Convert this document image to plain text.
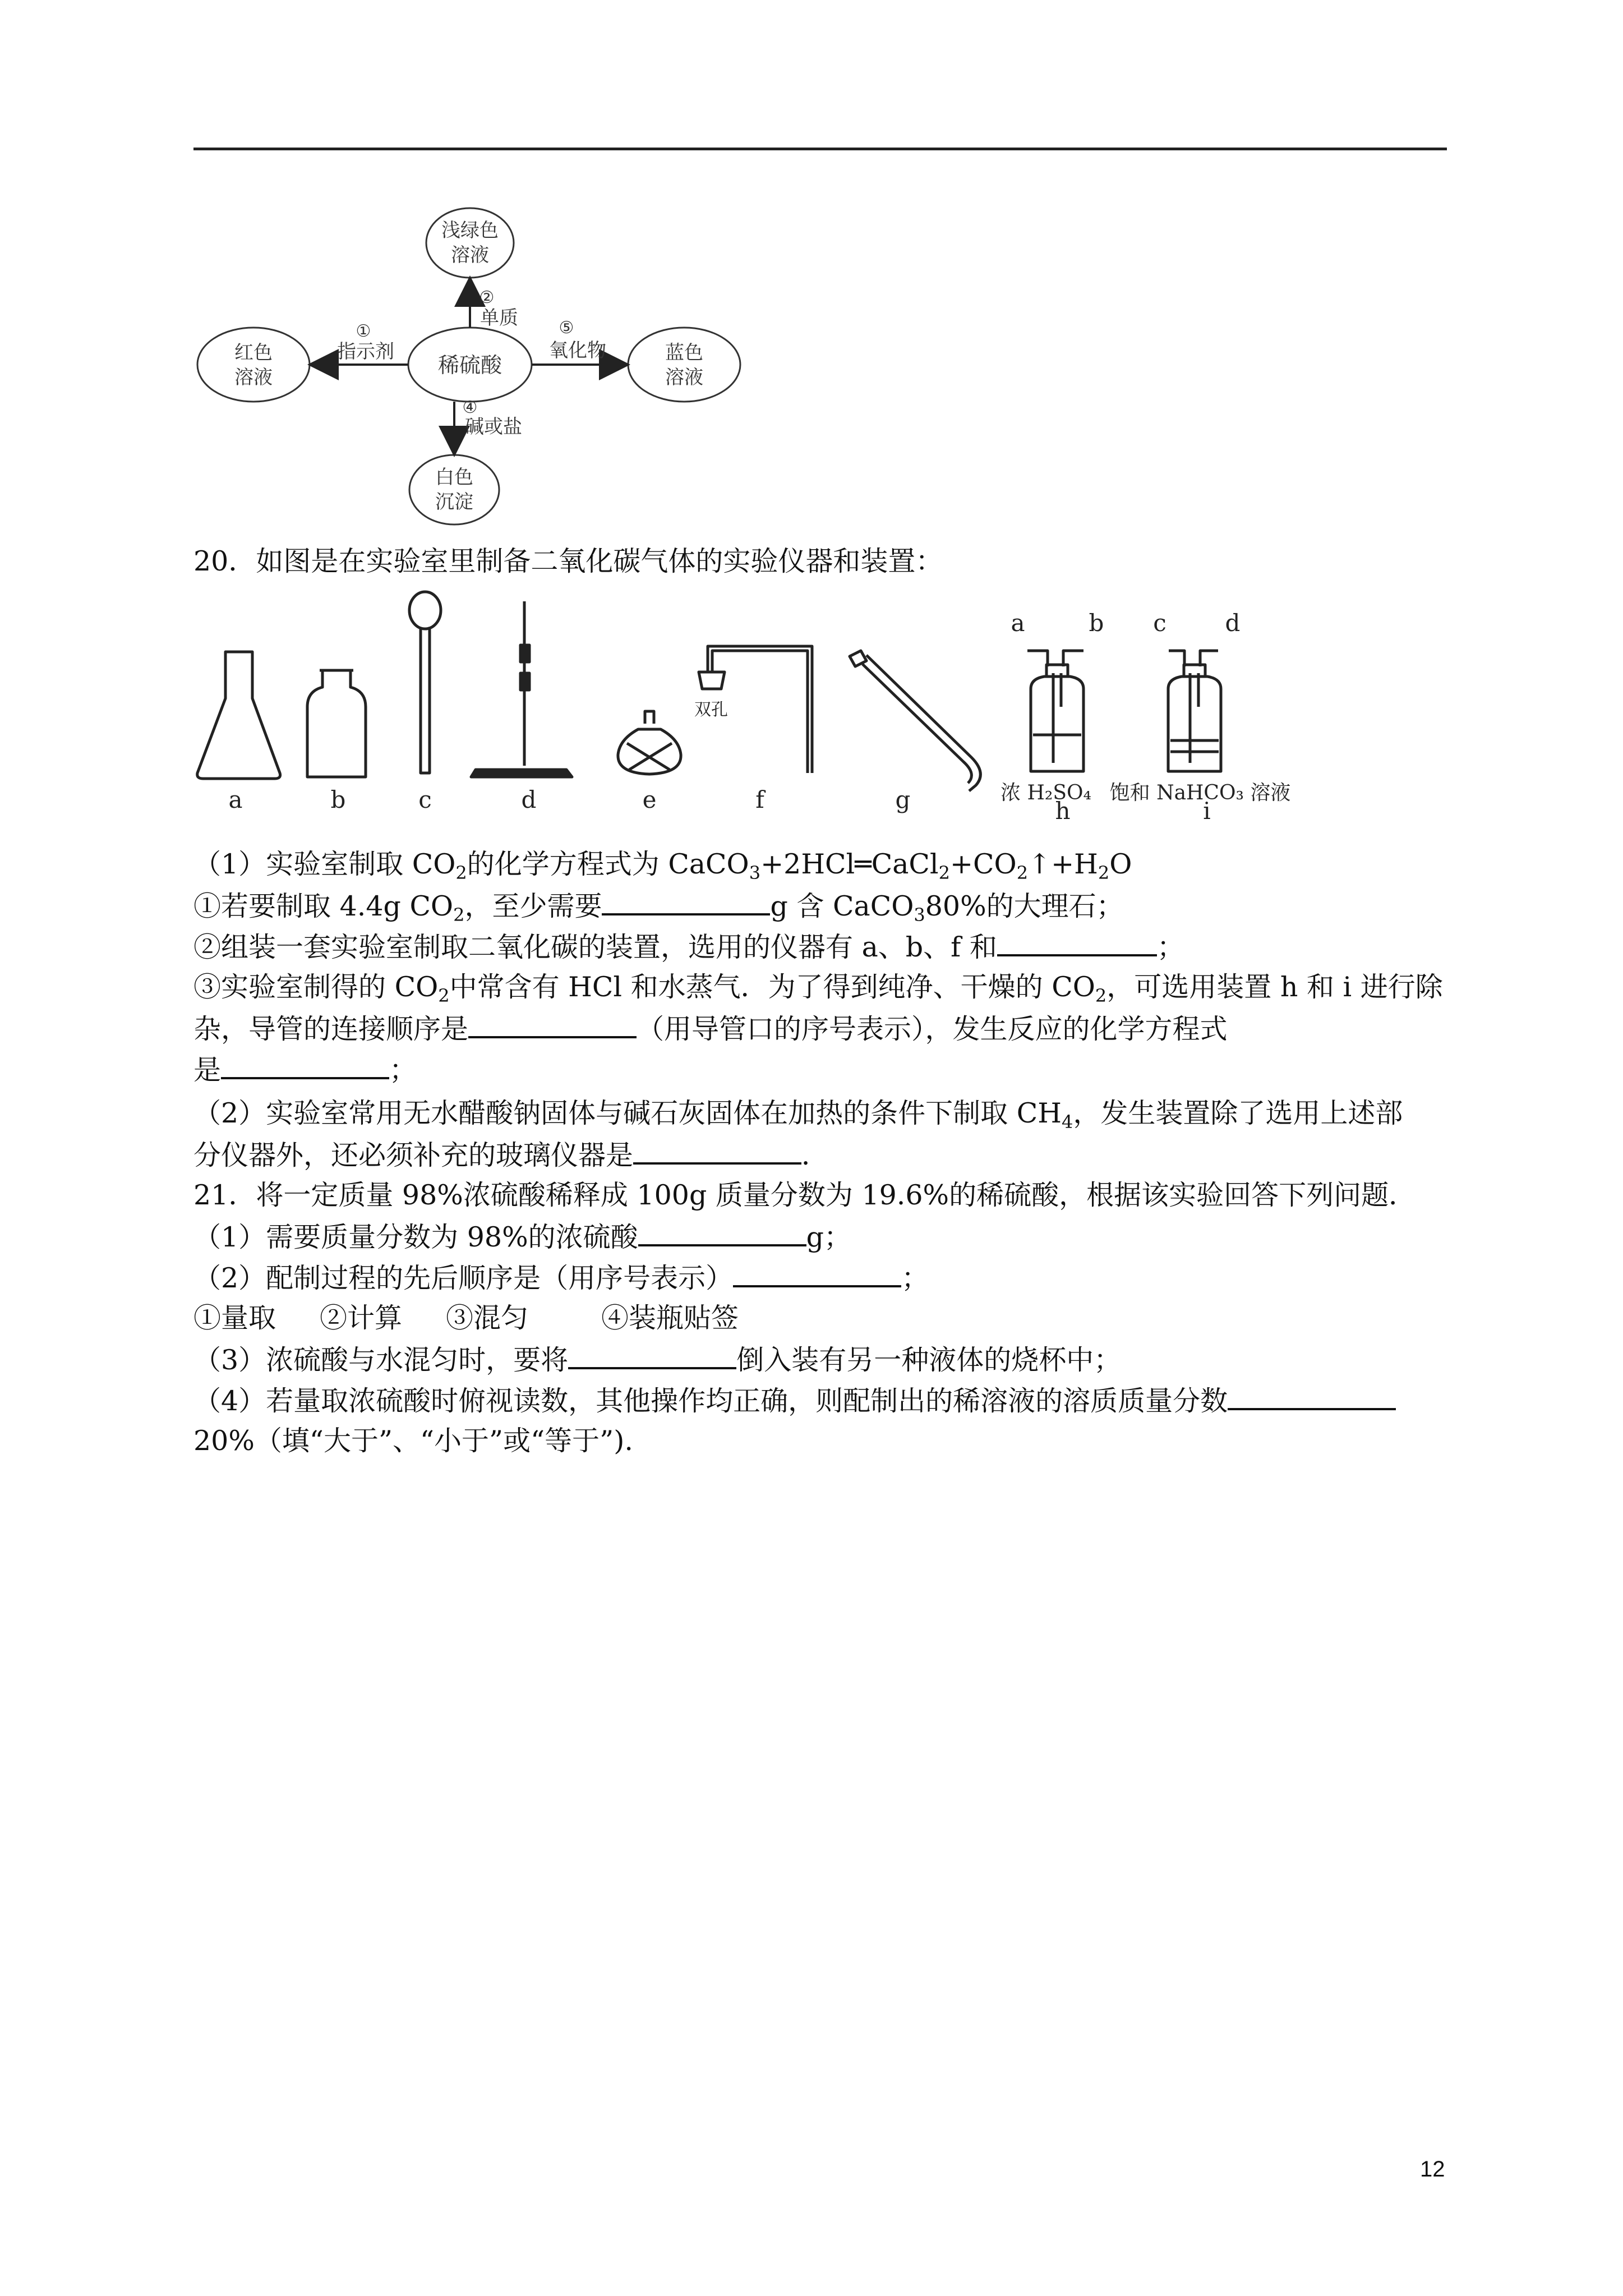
稀硫酸
浅绿色
溶液
红色
溶液
蓝色
溶液
白色
沉淀
②
单质
①
指示剂
⑤
氧化物
④
碱或盐
20．如图是在实验室里制备二氧化碳气体的实验仪器和装置：
a	b	c	d	e	f	g	h	i
双孔
a	b c d
浓 H₂SO₄ 饱和 NaHCO₃ 溶液
（1）实验室制取 $CO_2$的化学方程式为 $CaCO_3+2HCl═CaCl_2+CO_2↑+H_2O$
①若要制取 4.4g $CO_2$，至少需要	g 含 CaCO$_3$80%的大理石；
②组装一套实验室制取二氧化碳的装置，选用的仪器有 a、b、f 和	；
③实验室制得的 $CO_2$中常含有 HCl 和水蒸气．为了得到纯净、干燥的 $CO_2$，可选用装置 h 和 i 进行除
杂，导管的连接顺序是	（用导管口的序号表示），发生反应的化学方程式
是	；
（2）实验室常用无水醋酸钠固体与碱石灰固体在加热的条件下制取 $CH_4$，发生装置除了选用上述部
分仪器外，还必须补充的玻璃仪器是	．
21．将一定质量 98%浓硫酸稀释成 100g 质量分数为 19.6%的稀硫酸，根据该实验回答下列问题．
（1）需要质量分数为 98%的浓硫酸	g；
（2）配制过程的先后顺序是（用序号表示）	；
①量取 ②计算 ③混匀	④装瓶贴签
（3）浓硫酸与水混匀时，要将	倒入装有另一种液体的烧杯中；
（4）若量取浓硫酸时俯视读数，其他操作均正确，则配制出的稀溶液的溶质质量分数
20%（填“大于”、“小于”或“等于”).
12
